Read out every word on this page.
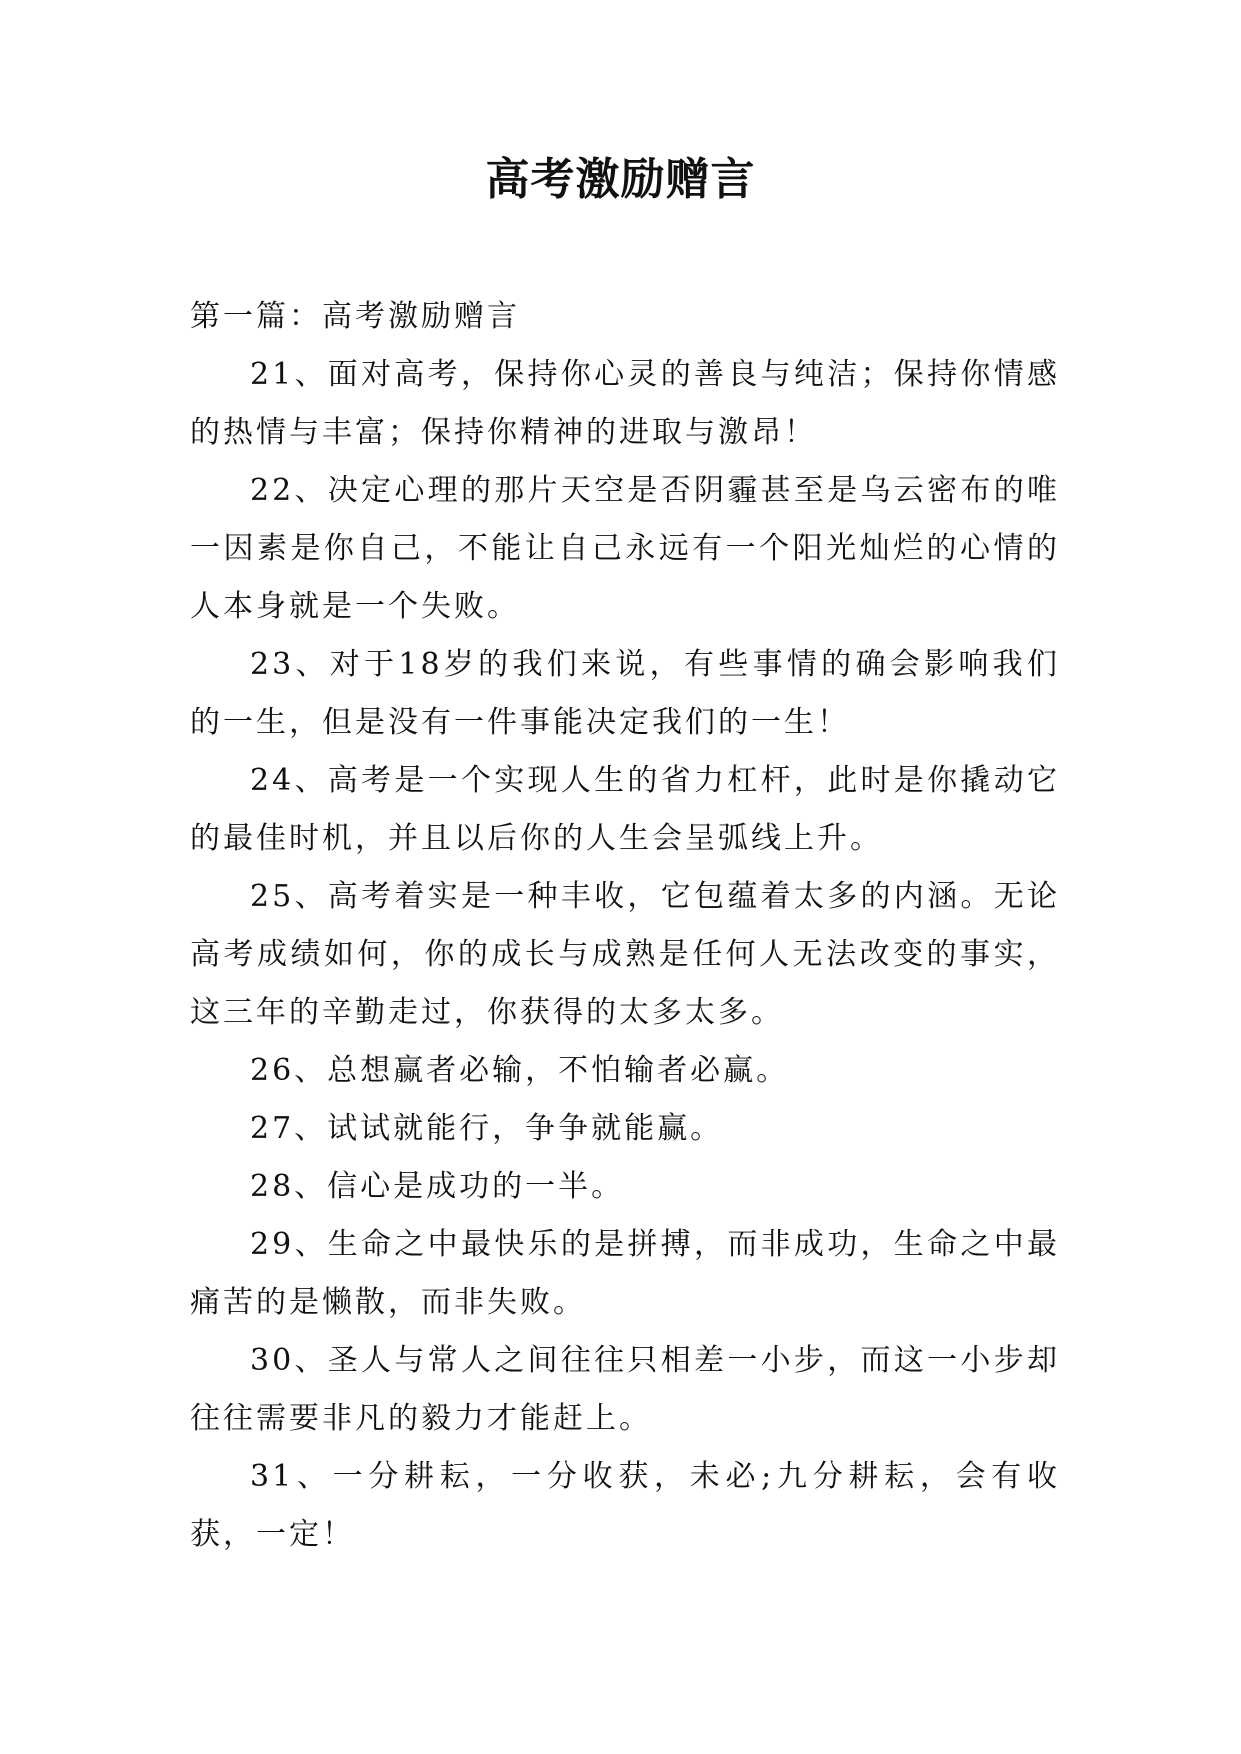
高考激励赠言

第一篇：高考激励赠言

21、面对高考，保持你心灵的善良与纯洁；保持你情感的热情与丰富；保持你精神的进取与激昂！

22、决定心理的那片天空是否阴霾甚至是乌云密布的唯一因素是你自己，不能让自己永远有一个阳光灿烂的心情的人本身就是一个失败。

23、对于18岁的我们来说，有些事情的确会影响我们的一生，但是没有一件事能决定我们的一生！

24、高考是一个实现人生的省力杠杆，此时是你撬动它的最佳时机，并且以后你的人生会呈弧线上升。

25、高考着实是一种丰收，它包蕴着太多的内涵。无论高考成绩如何，你的成长与成熟是任何人无法改变的事实，这三年的辛勤走过，你获得的太多太多。

26、总想赢者必输，不怕输者必赢。

27、试试就能行，争争就能赢。

28、信心是成功的一半。

29、生命之中最快乐的是拼搏，而非成功，生命之中最痛苦的是懒散，而非失败。

30、圣人与常人之间往往只相差一小步，而这一小步却往往需要非凡的毅力才能赶上。

31、一分耕耘，一分收获，未必;九分耕耘，会有收获，一定！
